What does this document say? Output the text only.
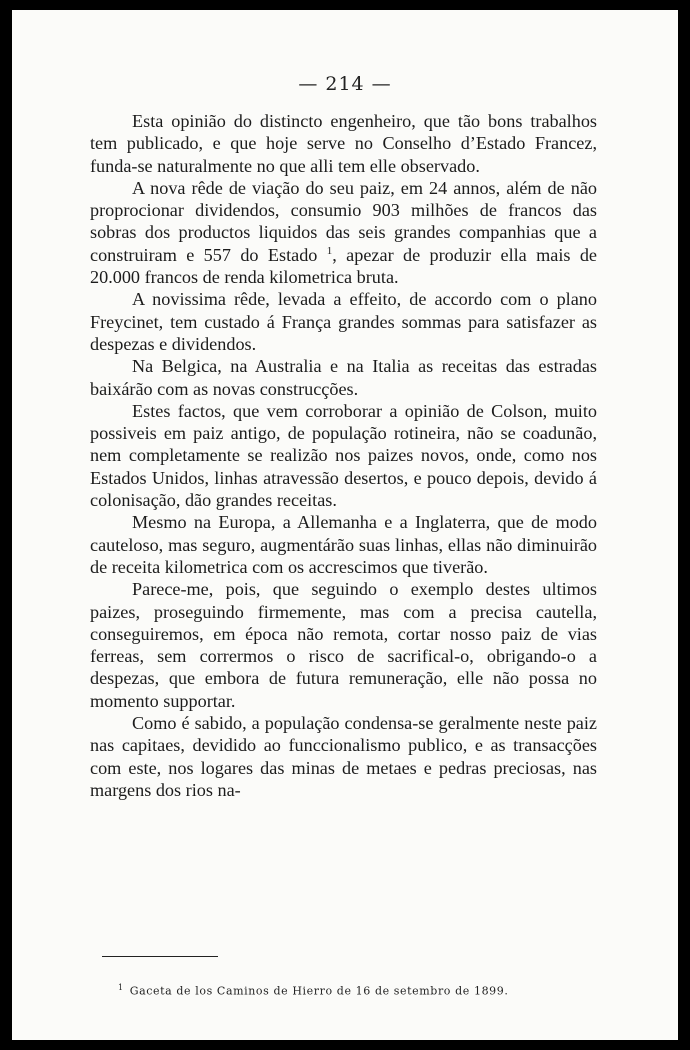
— 214 —

Esta opinião do distincto engenheiro, que tão bons trabalhos tem publicado, e que hoje serve no Conselho d’Estado Francez, funda-se naturalmente no que alli tem elle observado.

A nova rêde de viação do seu paiz, em 24 annos, além de não proprocionar dividendos, consumio 903 milhões de francos das sobras dos productos liquidos das seis grandes companhias que a construiram e 557 do Estado $^1$, apezar de produzir ella mais de 20.000 francos de renda kilometrica bruta.

A novissima rêde, levada a effeito, de accordo com o plano Freycinet, tem custado á França grandes sommas para satisfazer as despezas e dividendos.

Na Belgica, na Australia e na Italia as receitas das estradas baixárão com as novas construcções.

Estes factos, que vem corroborar a opinião de Colson, muito possiveis em paiz antigo, de população rotineira, não se coadunão, nem completamente se realizão nos paizes novos, onde, como nos Estados Unidos, linhas atravessão desertos, e pouco depois, devido á colonisação, dão grandes receitas.

Mesmo na Europa, a Allemanha e a Inglaterra, que de modo cauteloso, mas seguro, augmentárão suas linhas, ellas não diminuirão de receita kilometrica com os accrescimos que tiverão.

Parece-me, pois, que seguindo o exemplo destes ultimos paizes, proseguindo firmemente, mas com a precisa cautella, conseguiremos, em época não remota, cortar nosso paiz de vias ferreas, sem corrermos o risco de sacrifical-o, obrigando-o a despezas, que embora de futura remuneração, elle não possa no momento supportar.

Como é sabido, a população condensa-se geralmente neste paiz nas capitaes, devidido ao funccionalismo publico, e as transacções com este, nos logares das minas de metaes e pedras preciosas, nas margens dos rios na-

$^1$ Gaceta de los Caminos de Hierro de 16 de setembro de 1899.
